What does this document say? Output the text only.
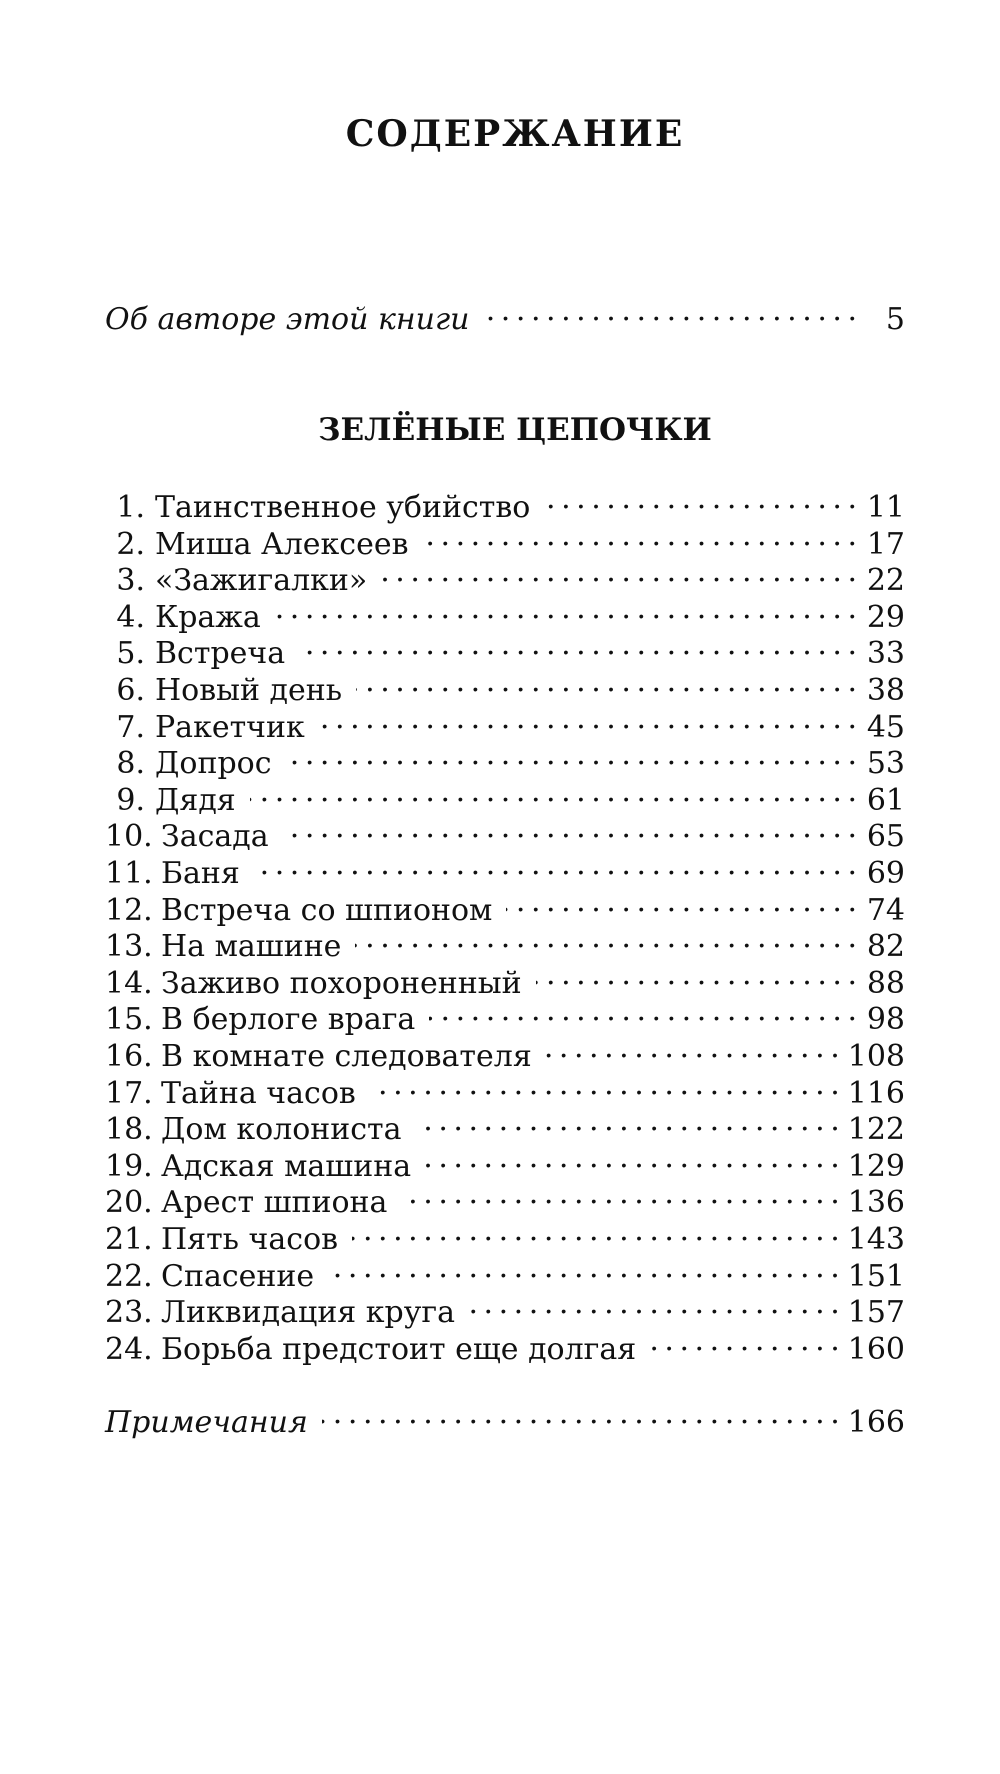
СОДЕРЖАНИЕ
Об авторе этой книги . . .	5
ЗЕЛЁНЫЕ ЦЕПОЧКИ
1. Таинственное убийство . . .	11
2. Миша Алексеев . . .	17
3. «Зажигалки» . . .	22
4. Кража . . .	29
5. Встреча . . .	33
6. Новый день . . .	38
7. Ракетчик . . .	45
8. Допрос . . .	53
9. Дядя . . .	61
10. Засада . . .	65
11. Баня . . .	69
12. Встреча со шпионом . . .	74
13. На машине . . .	82
14. Заживо похороненный . . .	88
15. В берлоге врага . . .	98
16. В комнате следователя . . .	108
17. Тайна часов . . .	116
18. Дом колониста . . .	122
19. Адская машина . . .	129
20. Арест шпиона . . .	136
21. Пять часов . . .	143
22. Спасение . . .	151
23. Ликвидация круга . . .	157
24. Борьба предстоит еще долгая . . .	160
Примечания . . .	166
